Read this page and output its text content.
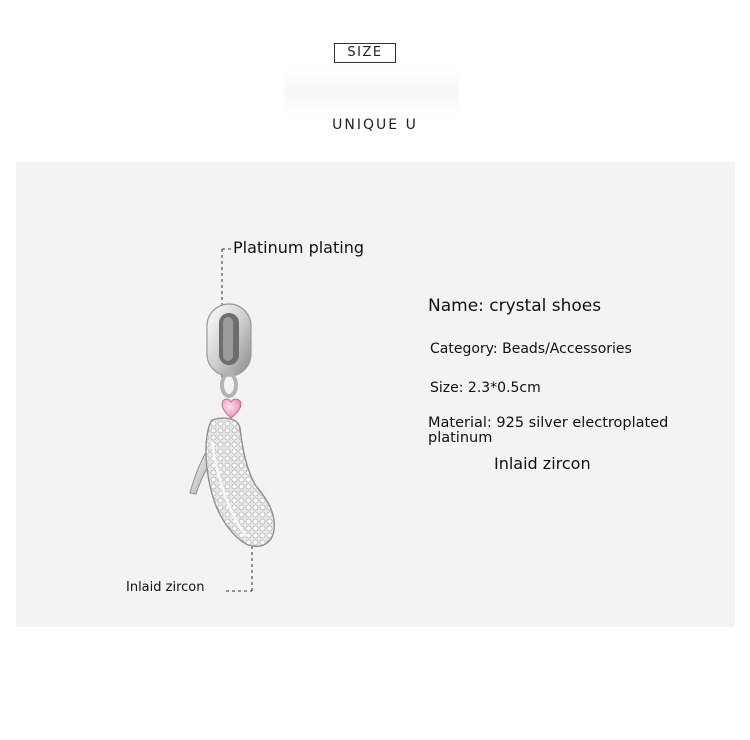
SIZE
UNIQUE U
Platinum plating
Inlaid zircon
Name: crystal shoes
Category: Beads/Accessories
Size: 2.3*0.5cm
Material: 925 silver electroplated platinum
Inlaid zircon
